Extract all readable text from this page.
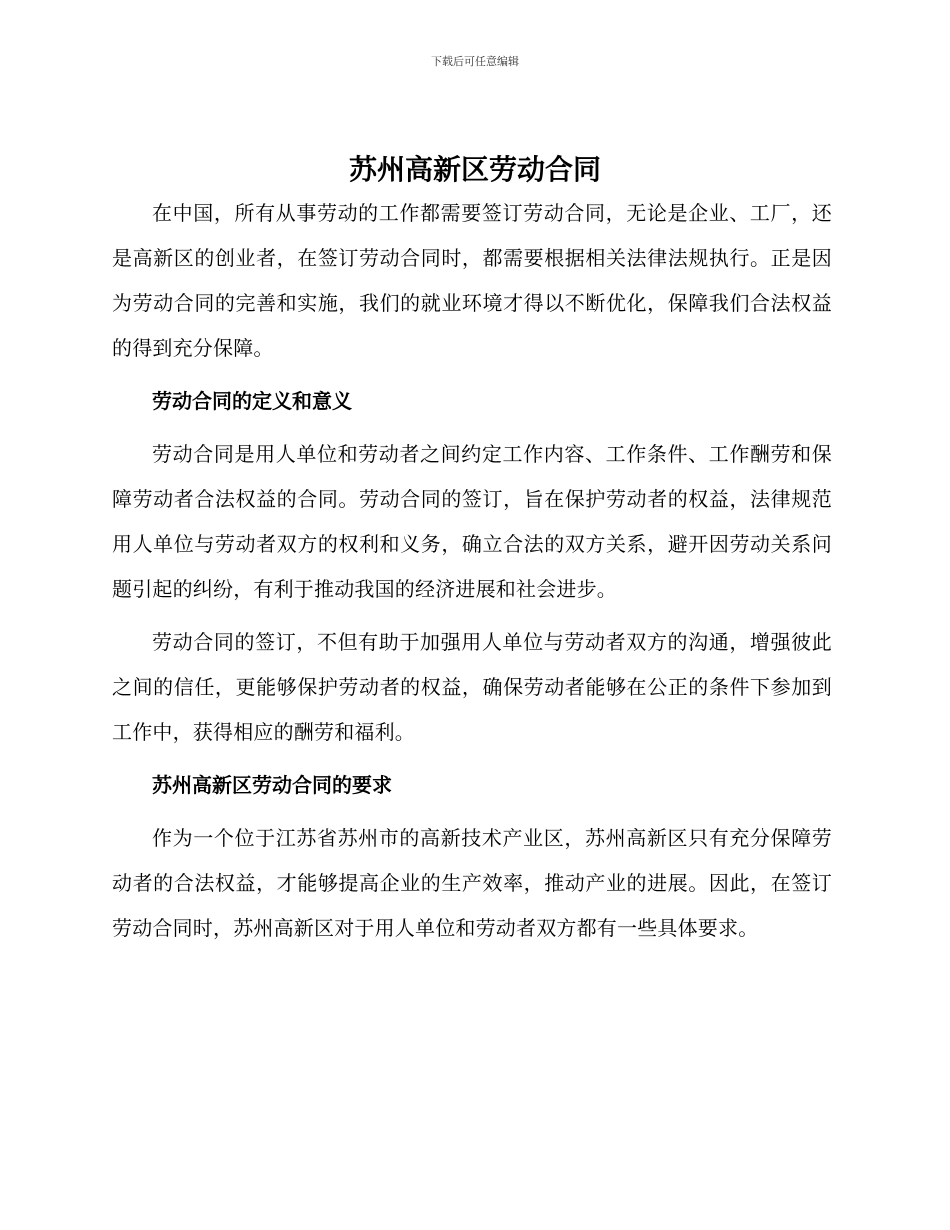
下载后可任意编辑
苏州高新区劳动合同

在中国，所有从事劳动的工作都需要签订劳动合同，无论是企业、工厂，还是高新区的创业者，在签订劳动合同时，都需要根据相关法律法规执行。正是因为劳动合同的完善和实施，我们的就业环境才得以不断优化，保障我们合法权益的得到充分保障。

劳动合同的定义和意义

劳动合同是用人单位和劳动者之间约定工作内容、工作条件、工作酬劳和保障劳动者合法权益的合同。劳动合同的签订，旨在保护劳动者的权益，法律规范用人单位与劳动者双方的权利和义务，确立合法的双方关系，避开因劳动关系问题引起的纠纷，有利于推动我国的经济进展和社会进步。

劳动合同的签订，不但有助于加强用人单位与劳动者双方的沟通，增强彼此之间的信任，更能够保护劳动者的权益，确保劳动者能够在公正的条件下参加到工作中，获得相应的酬劳和福利。

苏州高新区劳动合同的要求

作为一个位于江苏省苏州市的高新技术产业区，苏州高新区只有充分保障劳动者的合法权益，才能够提高企业的生产效率，推动产业的进展。因此，在签订劳动合同时，苏州高新区对于用人单位和劳动者双方都有一些具体要求。
